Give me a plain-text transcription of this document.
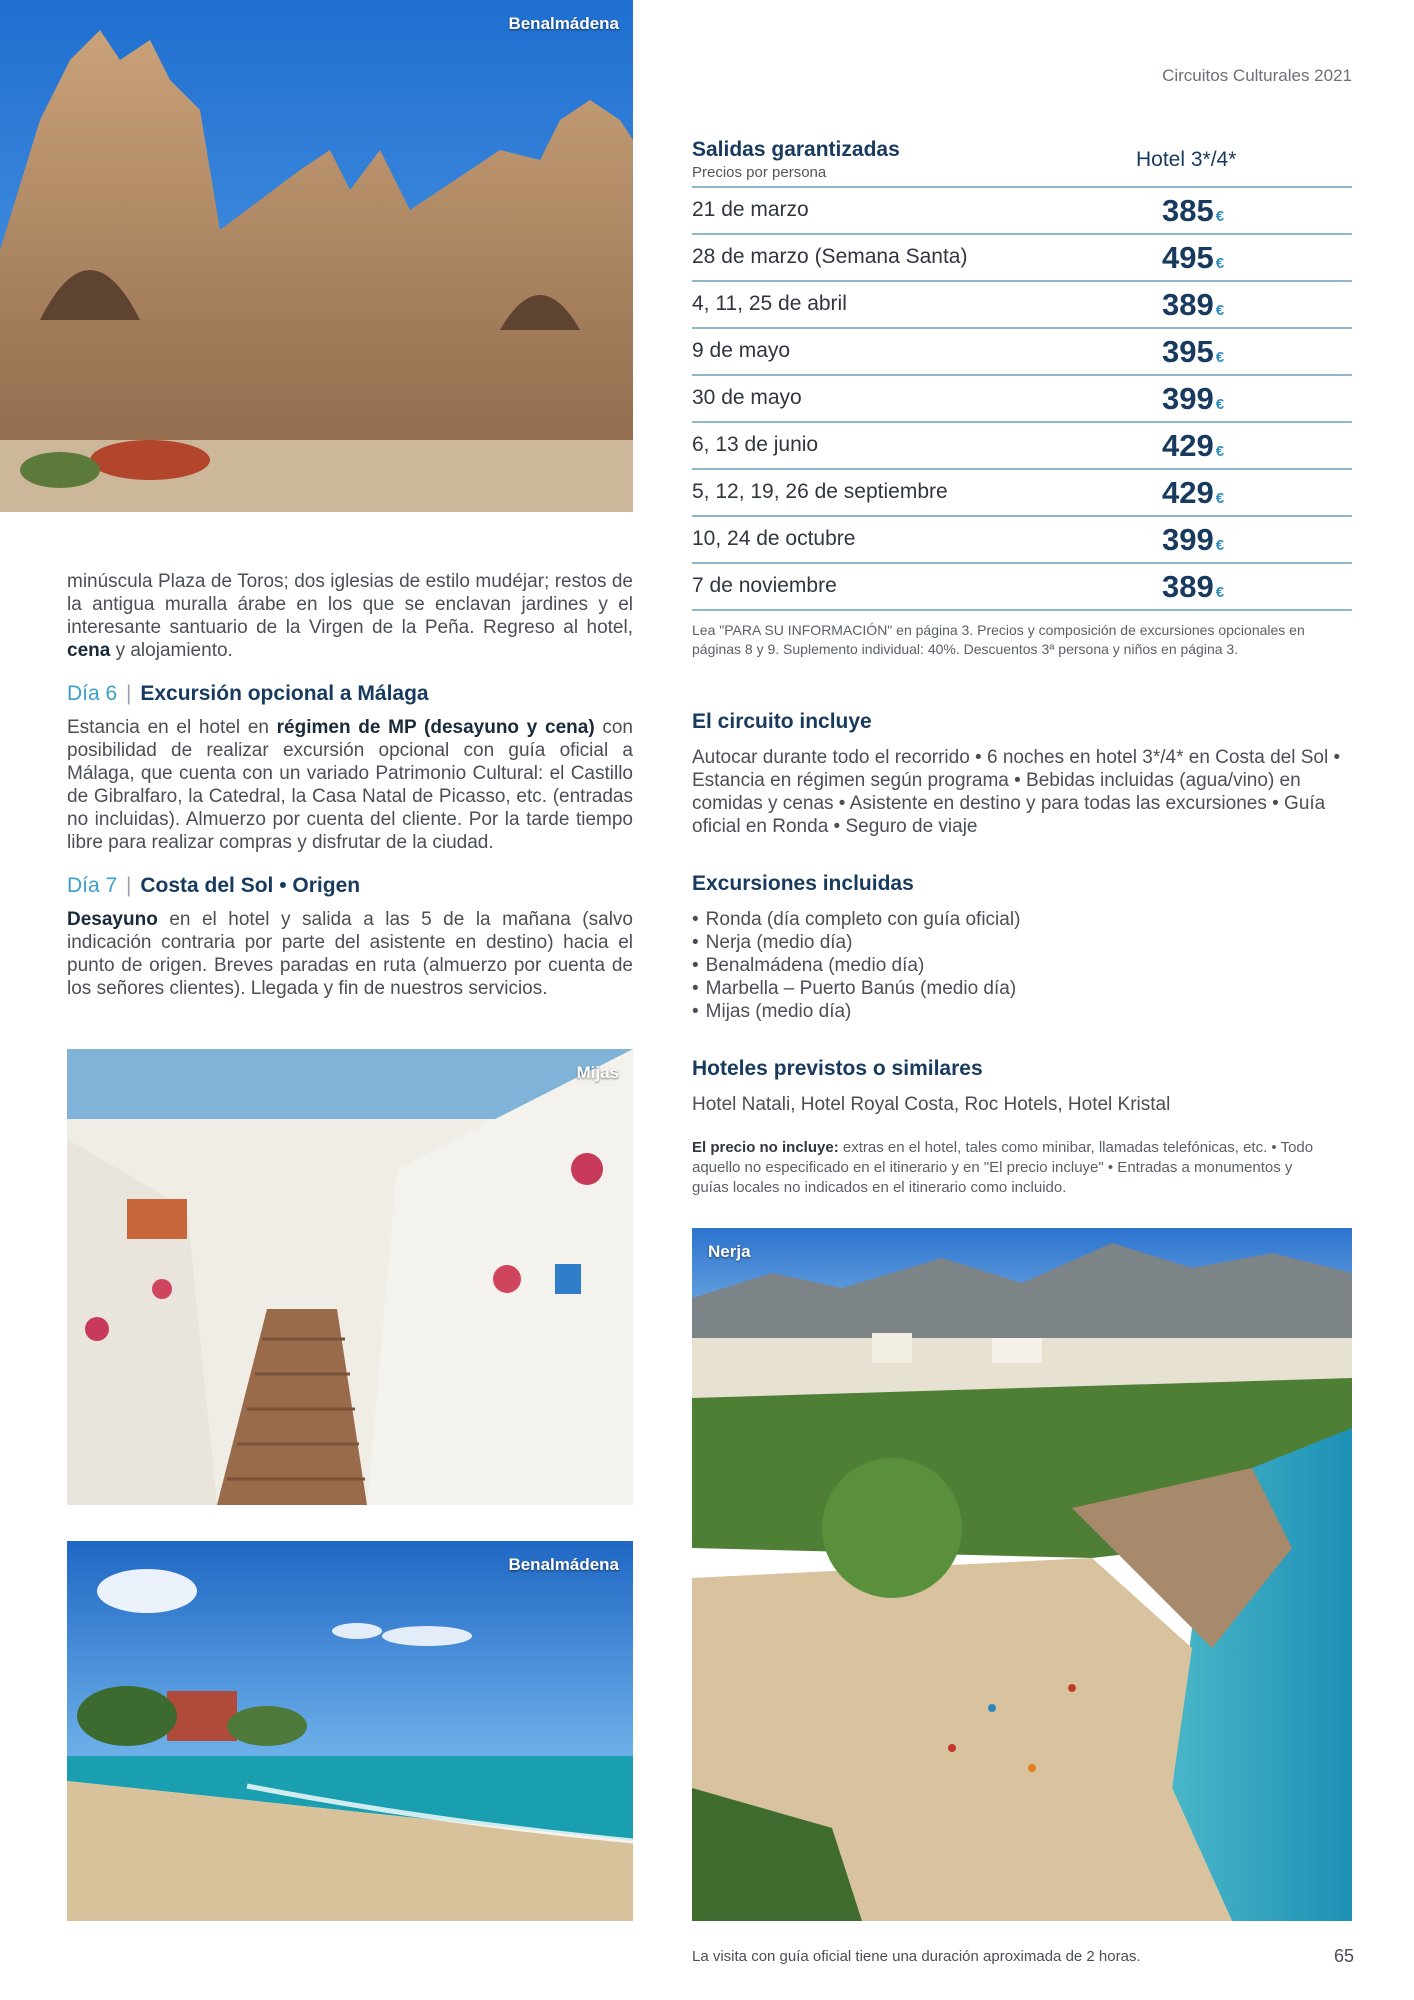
Benalmádena
Circuitos Culturales 2021
Salidas garantizadas
Precios por persona
Hotel 3*/4*
21 de marzo	385 €
28 de marzo (Semana Santa)	495 €
4, 11, 25 de abril	389 €
9 de mayo	395 €
30 de mayo	399 €
6, 13 de junio	429 €
5, 12, 19, 26 de septiembre	429 €
10, 24 de octubre	399 €
7 de noviembre	389 €
Lea "PARA SU INFORMACIÓN" en página 3. Precios y composición de excursiones opcionales en páginas 8 y 9. Suplemento individual: 40%. Descuentos 3ª persona y niños en página 3.

minúscula Plaza de Toros; dos iglesias de estilo mudéjar; restos de la antigua muralla árabe en los que se enclavan jardines y el interesante santuario de la Virgen de la Peña. Regreso al hotel, cena y alojamiento.

Día 6 | Excursión opcional a Málaga

Estancia en el hotel en régimen de MP (desayuno y cena) con posibilidad de realizar excursión opcional con guía oficial a Málaga, que cuenta con un variado Patrimonio Cultural: el Castillo de Gibralfaro, la Catedral, la Casa Natal de Picasso, etc. (entradas no incluidas). Almuerzo por cuenta del cliente. Por la tarde tiempo libre para realizar compras y disfrutar de la ciudad.

Día 7 | Costa del Sol • Origen

Desayuno en el hotel y salida a las 5 de la mañana (salvo indicación contraria por parte del asistente en destino) hacia el punto de origen. Breves paradas en ruta (almuerzo por cuenta de los señores clientes). Llegada y fin de nuestros servicios.

El circuito incluye

Autocar durante todo el recorrido • 6 noches en hotel 3*/4* en Costa del Sol • Estancia en régimen según programa • Bebidas incluidas (agua/vino) en comidas y cenas • Asistente en destino y para todas las excursiones • Guía oficial en Ronda • Seguro de viaje

Excursiones incluidas
• Ronda (día completo con guía oficial)
• Nerja (medio día)
• Benalmádena (medio día)
• Marbella – Puerto Banús (medio día)
• Mijas (medio día)
Hoteles previstos o similares

Hotel Natali, Hotel Royal Costa, Roc Hotels, Hotel Kristal

El precio no incluye: extras en el hotel, tales como minibar, llamadas telefónicas, etc. • Todo aquello no especificado en el itinerario y en "El precio incluye" • Entradas a monumentos y guías locales no indicados en el itinerario como incluido.
Mijas
Benalmádena
Nerja
La visita con guía oficial tiene una duración aproximada de 2 horas.	65
